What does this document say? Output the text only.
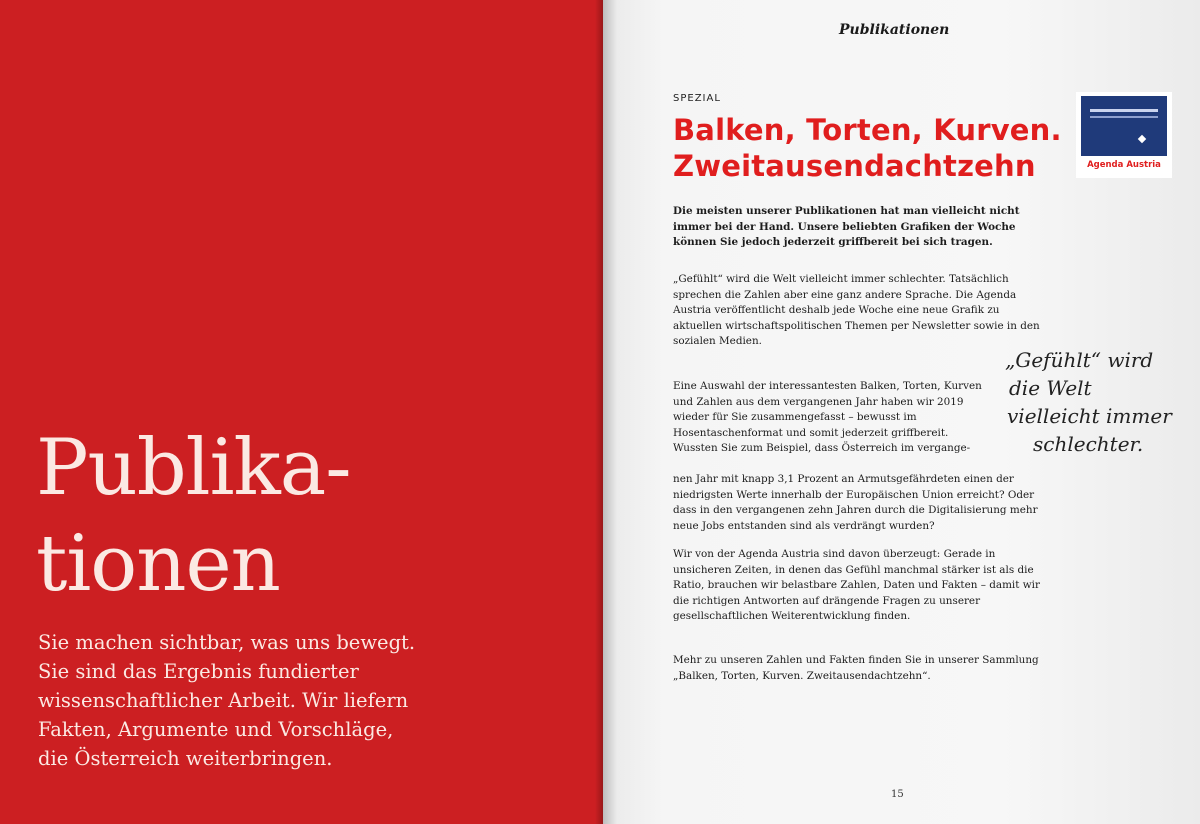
Publika-
tionen

Sie machen sichtbar, was uns bewegt.
Sie sind das Ergebnis fundierter
wissenschaftlicher Arbeit. Wir liefern
Fakten, Argumente und Vorschläge,
die Österreich weiterbringen.

Publikationen

SPEZIAL

Balken, Torten, Kurven.
Zweitausendachtzehn	Agenda Austria

Die meisten unserer Publikationen hat man vielleicht nicht immer bei der Hand. Unsere beliebten Grafiken der Woche können Sie jedoch jederzeit griffbereit bei sich tragen.

„Gefühlt“ wird die Welt vielleicht immer schlechter. Tatsächlich sprechen die Zahlen aber eine ganz andere Sprache. Die Agenda Austria veröffentlicht deshalb jede Woche eine neue Grafik zu aktuellen wirtschaftspolitischen Themen per Newsletter sowie in den sozialen Medien.

Eine Auswahl der interessantesten Balken, Torten, Kurven und Zahlen aus dem vergangenen Jahr haben wir 2019 wieder für Sie zusammengefasst – bewusst im Hosentaschenformat und somit jederzeit griffbereit. Wussten Sie zum Beispiel, dass Österreich im vergange-

nen Jahr mit knapp 3,1 Prozent an Armutsgefährdeten einen der niedrigsten Werte innerhalb der Europäischen Union erreicht? Oder dass in den vergangenen zehn Jahren durch die Digitalisierung mehr neue Jobs entstanden sind als verdrängt wurden?

Wir von der Agenda Austria sind davon überzeugt: Gerade in unsicheren Zeiten, in denen das Gefühl manchmal stärker ist als die Ratio, brauchen wir belastbare Zahlen, Daten und Fakten – damit wir die richtigen Antworten auf drängende Fragen zu unserer gesellschaftlichen Weiterentwicklung finden.

Mehr zu unseren Zahlen und Fakten finden Sie in unserer Sammlung „Balken, Torten, Kurven. Zweitausendachtzehn“.

„Gefühlt“ wird
die Welt
vielleicht immer
schlechter.

15
